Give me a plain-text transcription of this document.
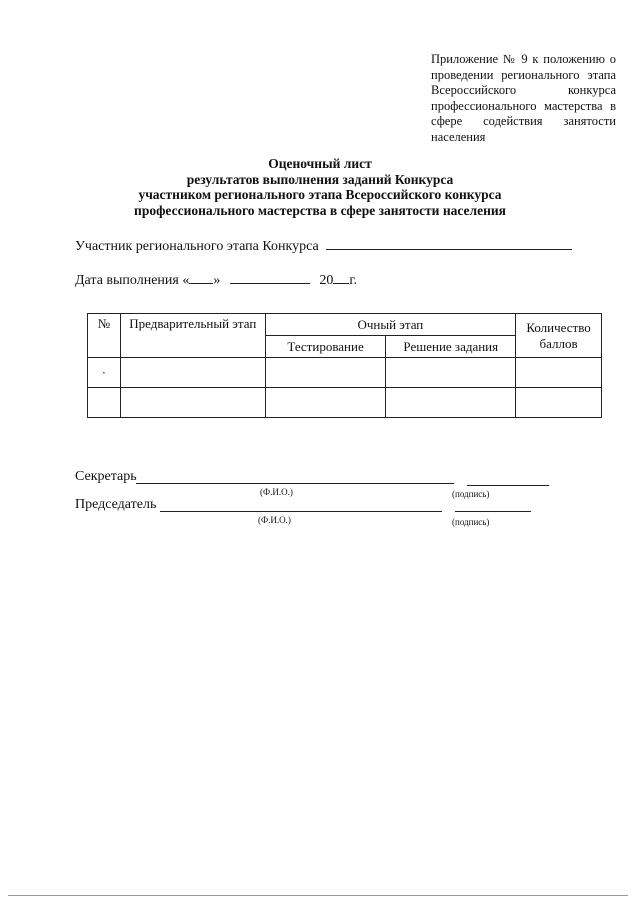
Приложение № 9 к положению о проведении регионального этапа Всероссийского конкурса профессионального мастерства в сфере содействия занятости населения
Оценочный лист
результатов выполнения заданий Конкурса
участником регионального этапа Всероссийского конкурса
профессионального мастерства в сфере занятости населения
Участник регионального этапа Конкурса
Дата выполнения « »	20 г.
№	Предварительный этап	Очный этап		Количество баллов
		Тестирование	Решение задания	
·				

Секретарь
(Ф.И.О.)	(подпись)
Председатель
(Ф.И.О.)	(подпись)
